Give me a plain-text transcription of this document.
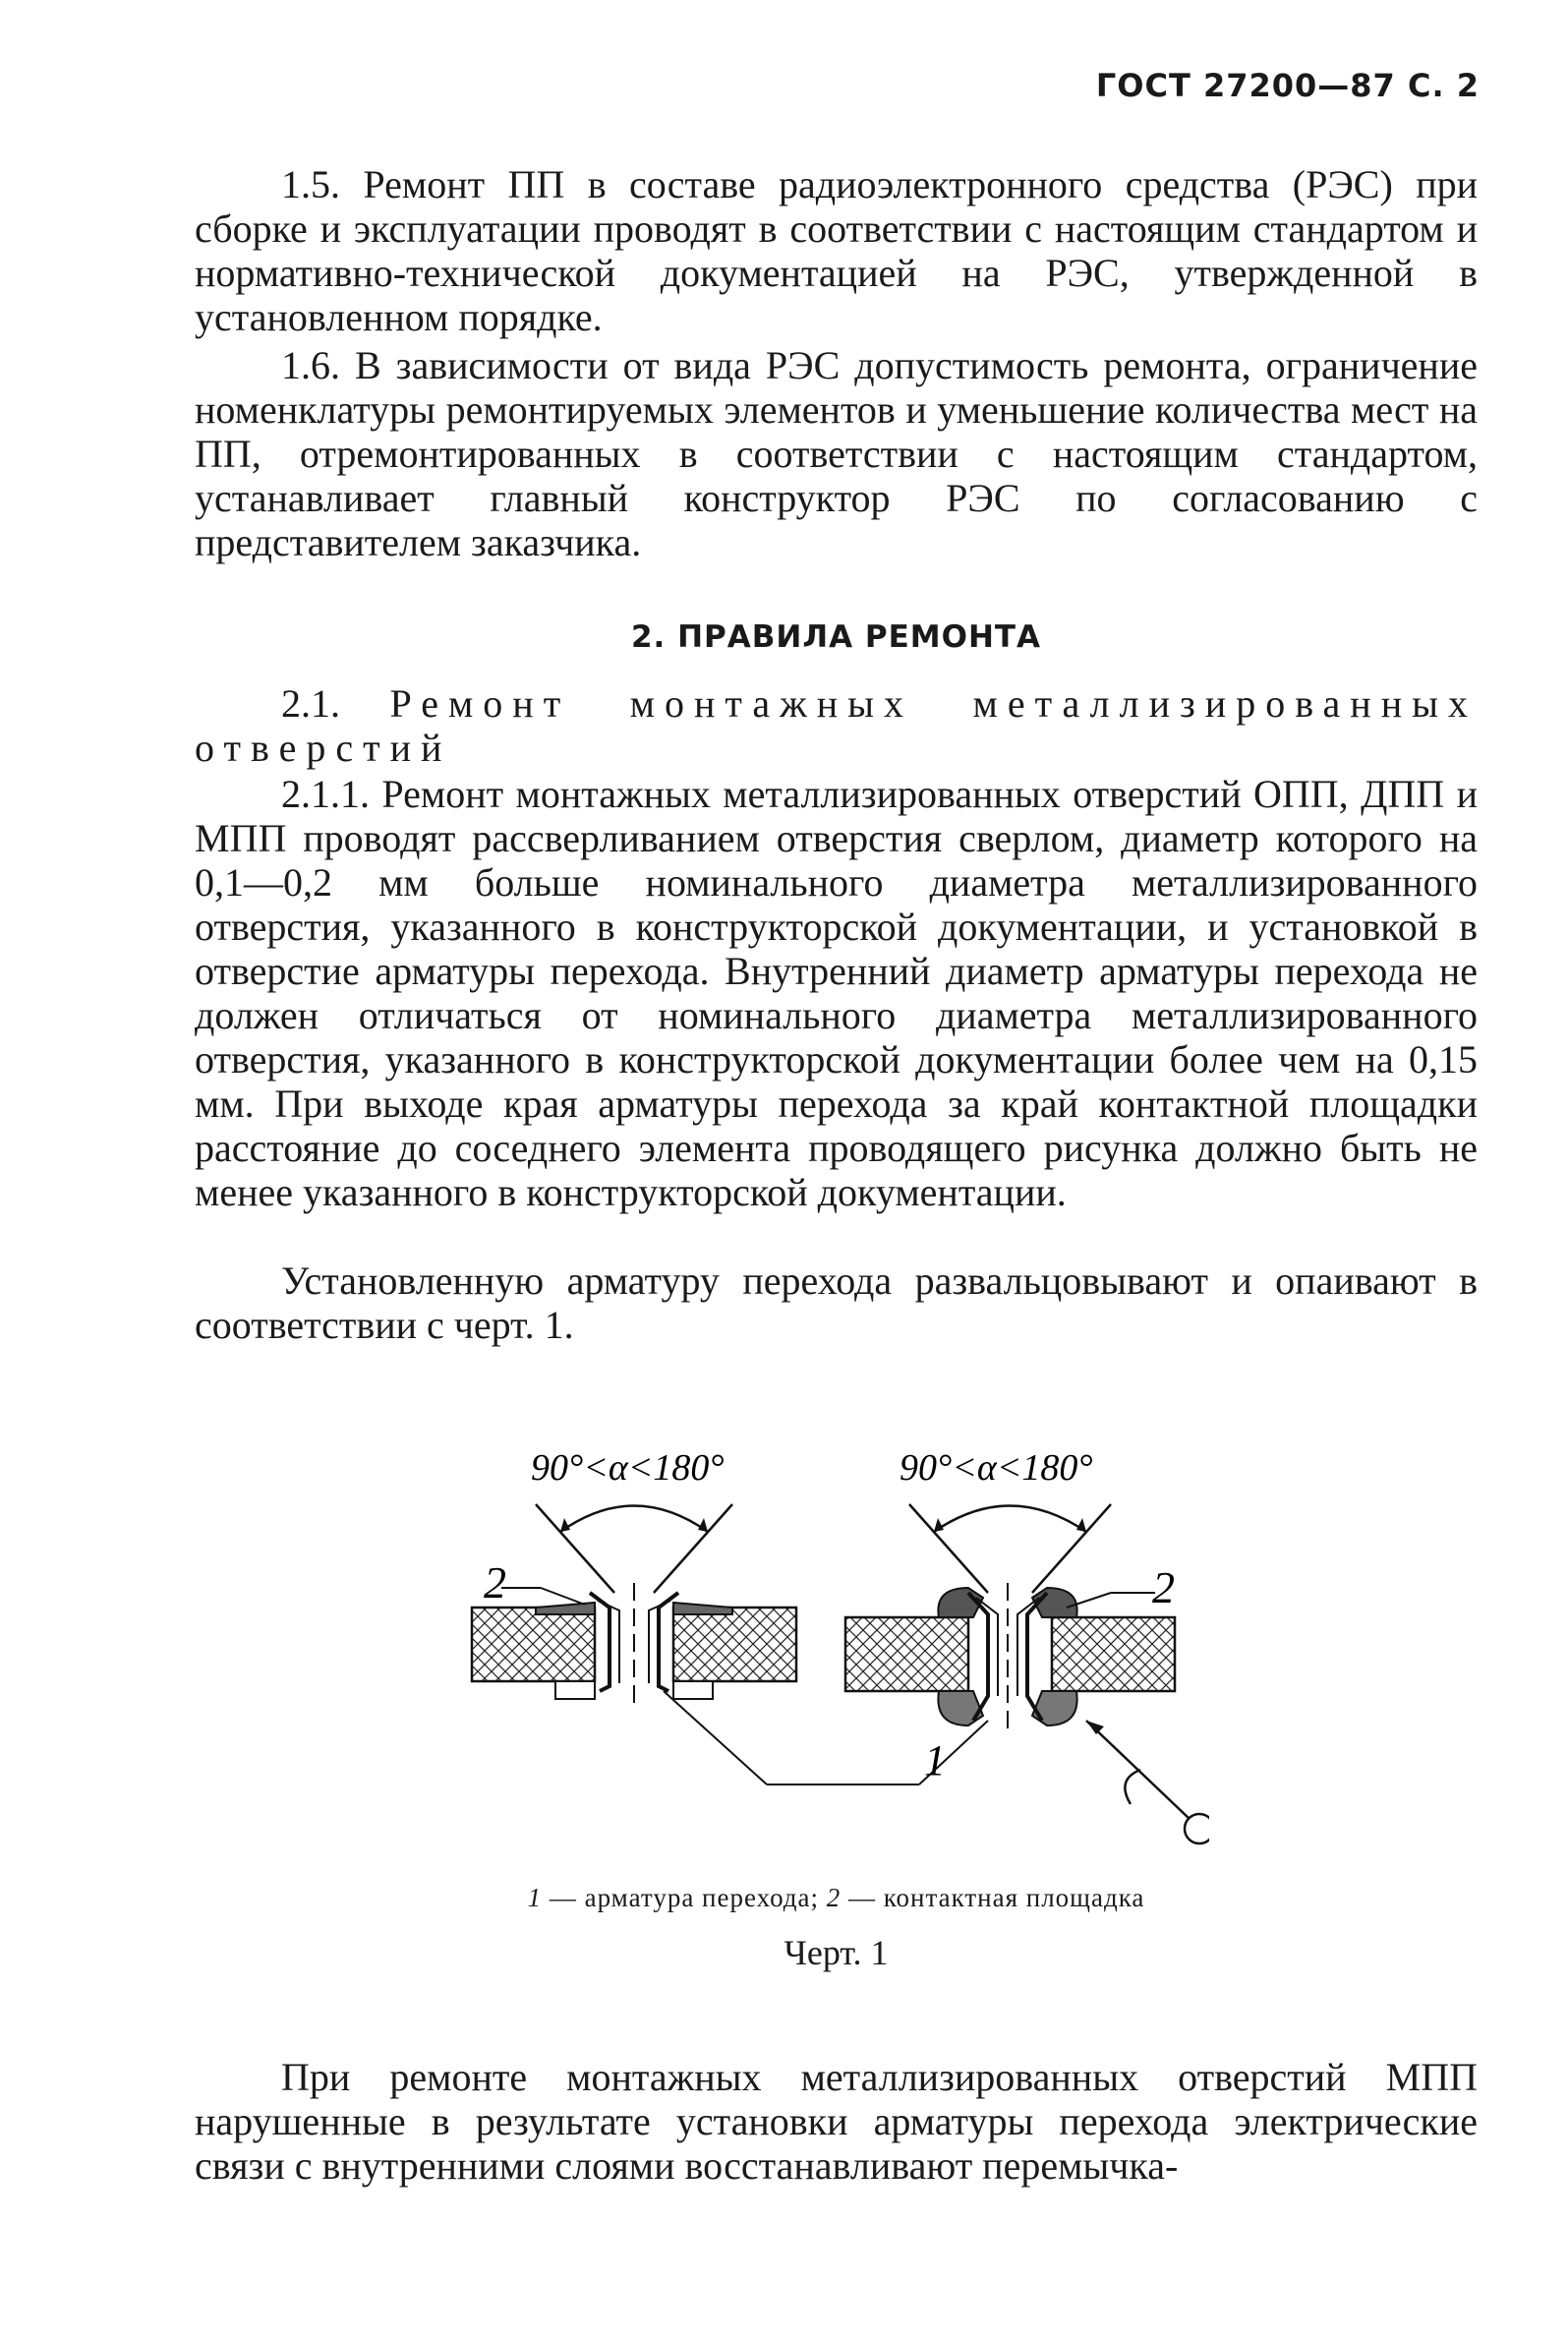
ГОСТ 27200—87 С. 2

1.5. Ремонт ПП в составе радиоэлектронного средства (РЭС) при сборке и эксплуатации проводят в соответствии с настоящим стандартом и нормативно-технической документацией на РЭС, утвержденной в установленном порядке.

1.6. В зависимости от вида РЭС допустимость ремонта, ограничение номенклатуры ремонтируемых элементов и уменьшение количества мест на ПП, отремонтированных в соответствии с настоящим стандартом, устанавливает главный конструктор РЭС по согласованию с представителем заказчика.

2. ПРАВИЛА РЕМОНТА

2.1. Ремонт монтажных металлизированных отверстий

2.1.1. Ремонт монтажных металлизированных отверстий ОПП, ДПП и МПП проводят рассверливанием отверстия сверлом, диаметр которого на 0,1—0,2 мм больше номинального диаметра металлизированного отверстия, указанного в конструкторской документации, и установкой в отверстие арматуры перехода. Внутренний диаметр арматуры перехода не должен отличаться от номинального диаметра металлизированного отверстия, указанного в конструкторской документации более чем на 0,15 мм. При выходе края арматуры перехода за край контактной площадки расстояние до соседнего элемента проводящего рисунка должно быть не менее указанного в конструкторской документации.

Установленную арматуру перехода развальцовывают и опаивают в соответствии с черт. 1.

2
90°<α<180°
2
90°<α<180°
1
1 — арматура перехода; 2 — контактная площадка
Черт. 1

При ремонте монтажных металлизированных отверстий МПП нарушенные в результате установки арматуры перехода электрические связи с внутренними слоями восстанавливают перемычка-
